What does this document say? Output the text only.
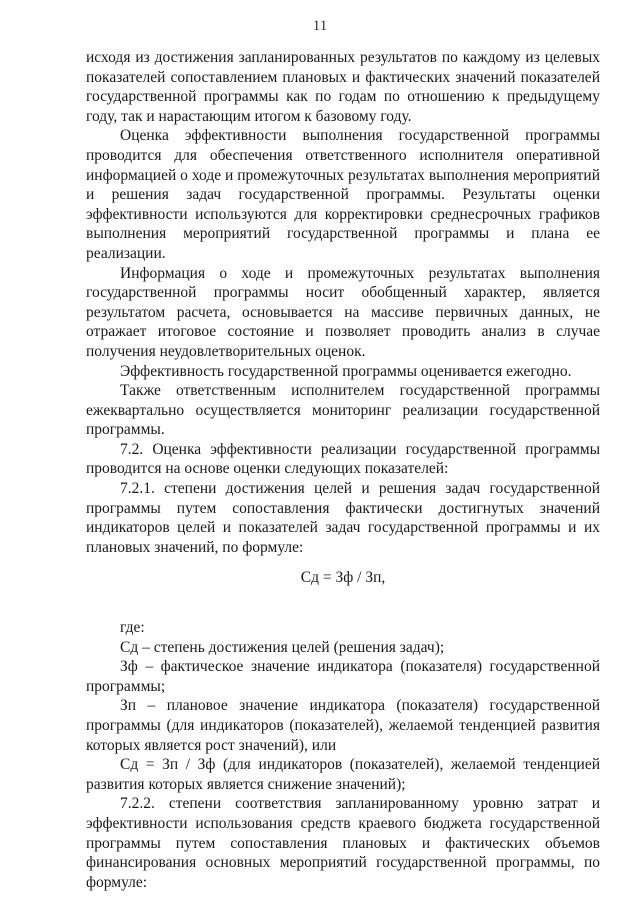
11

исходя из достижения запланированных результатов по каждому из целевых показателей сопоставлением плановых и фактических значений показателей государственной программы как по годам по отношению к предыдущему году, так и нарастающим итогом к базовому году.

Оценка эффективности выполнения государственной программы проводится для обеспечения ответственного исполнителя оперативной информацией о ходе и промежуточных результатах выполнения мероприятий и решения задач государственной программы. Результаты оценки эффективности используются для корректировки среднесрочных графиков выполнения мероприятий государственной программы и плана ее реализации.

Информация о ходе и промежуточных результатах выполнения государственной программы носит обобщенный характер, является результатом расчета, основывается на массиве первичных данных, не отражает итоговое состояние и позволяет проводить анализ в случае получения неудовлетворительных оценок.

Эффективность государственной программы оценивается ежегодно.

Также ответственным исполнителем государственной программы ежеквартально осуществляется мониторинг реализации государственной программы.

7.2. Оценка эффективности реализации государственной программы проводится на основе оценки следующих показателей:

7.2.1. степени достижения целей и решения задач государственной программы путем сопоставления фактически достигнутых значений индикаторов целей и показателей задач государственной программы и их плановых значений, по формуле:

Сд = Зф / Зп,

где:

Сд – степень достижения целей (решения задач);

Зф – фактическое значение индикатора (показателя) государственной программы;

Зп – плановое значение индикатора (показателя) государственной программы (для индикаторов (показателей), желаемой тенденцией развития которых является рост значений), или

Сд = Зп / Зф (для индикаторов (показателей), желаемой тенденцией развития которых является снижение значений);

7.2.2. степени соответствия запланированному уровню затрат и эффективности использования средств краевого бюджета государственной программы путем сопоставления плановых и фактических объемов финансирования основных мероприятий государственной программы, по формуле:
